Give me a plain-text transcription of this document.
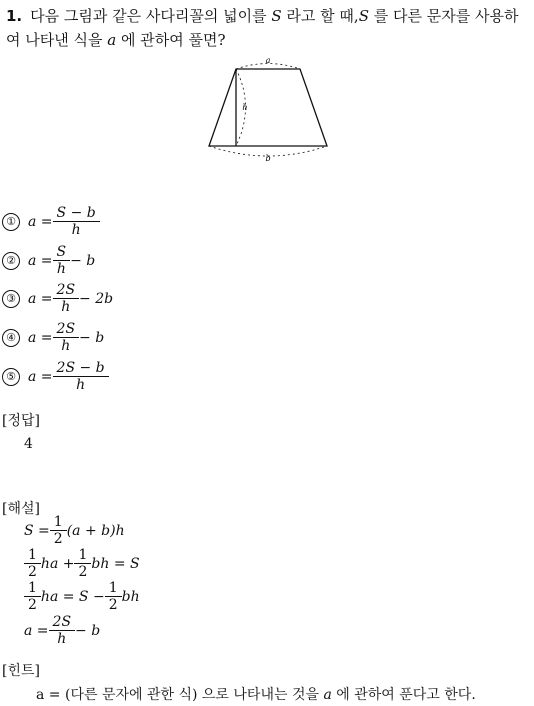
1. 다음 그림과 같은 사다리꼴의 넓이를 S 라고 할 때,S 를 다른 문자를 사용하여 나타낸 식을 a 에 관하여 풀면?
a
h
b
① $a = \frac{S - b}{h}$
② $a = \frac{S}{h} - b$
③ $a = \frac{2S}{h} - 2b$
④ $a = \frac{2S}{h} - b$
⑤ $a = \frac{2S - b}{h}$
[정답]
4
[해설]
$S = \frac{1}{2} (a + b)h$
$\frac{1}{2}$ ha + $\frac{1}{2}$ bh = S
$\frac{1}{2}$ ha = $S - \frac{1}{2}$ bh
$a = \frac{2S}{h} - b$
[힌트]
a = (다른 문자에 관한 식) 으로 나타내는 것을 a 에 관하여 푼다고 한다.
